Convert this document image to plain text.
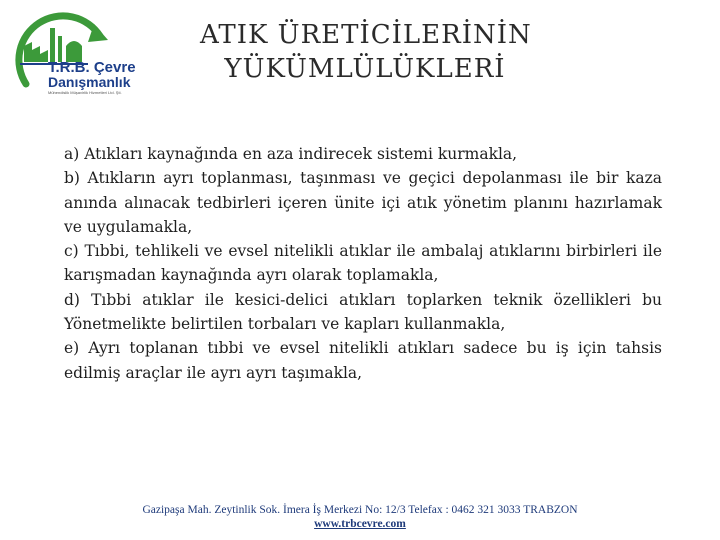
T.R.B. Çevre
Danışmanlık
Mühendislik Müşavirlik Hizmetleri Ltd. Şti.
ATIK ÜRETİCİLERİNİN
YÜKÜMLÜLÜKLERİ
a) Atıkları kaynağında en aza indirecek sistemi kurmakla,
b) Atıkların ayrı toplanması, taşınması ve geçici depolanması ile bir kaza anında alınacak tedbirleri içeren ünite içi atık yönetim planını hazırlamak ve uygulamakla,
c) Tıbbi, tehlikeli ve evsel nitelikli atıklar ile ambalaj atıklarını birbirleri ile karışmadan kaynağında ayrı olarak toplamakla,
d) Tıbbi atıklar ile kesici-delici atıkları toplarken teknik özellikleri bu Yönetmelikte belirtilen torbaları ve kapları kullanmakla,
e) Ayrı toplanan tıbbi ve evsel nitelikli atıkları sadece bu iş için tahsis edilmiş araçlar ile ayrı ayrı taşımakla,
Gazipaşa Mah. Zeytinlik Sok. İmera İş Merkezi No: 12/3 Telefax : 0462 321 3033 TRABZON
www.trbcevre.com
